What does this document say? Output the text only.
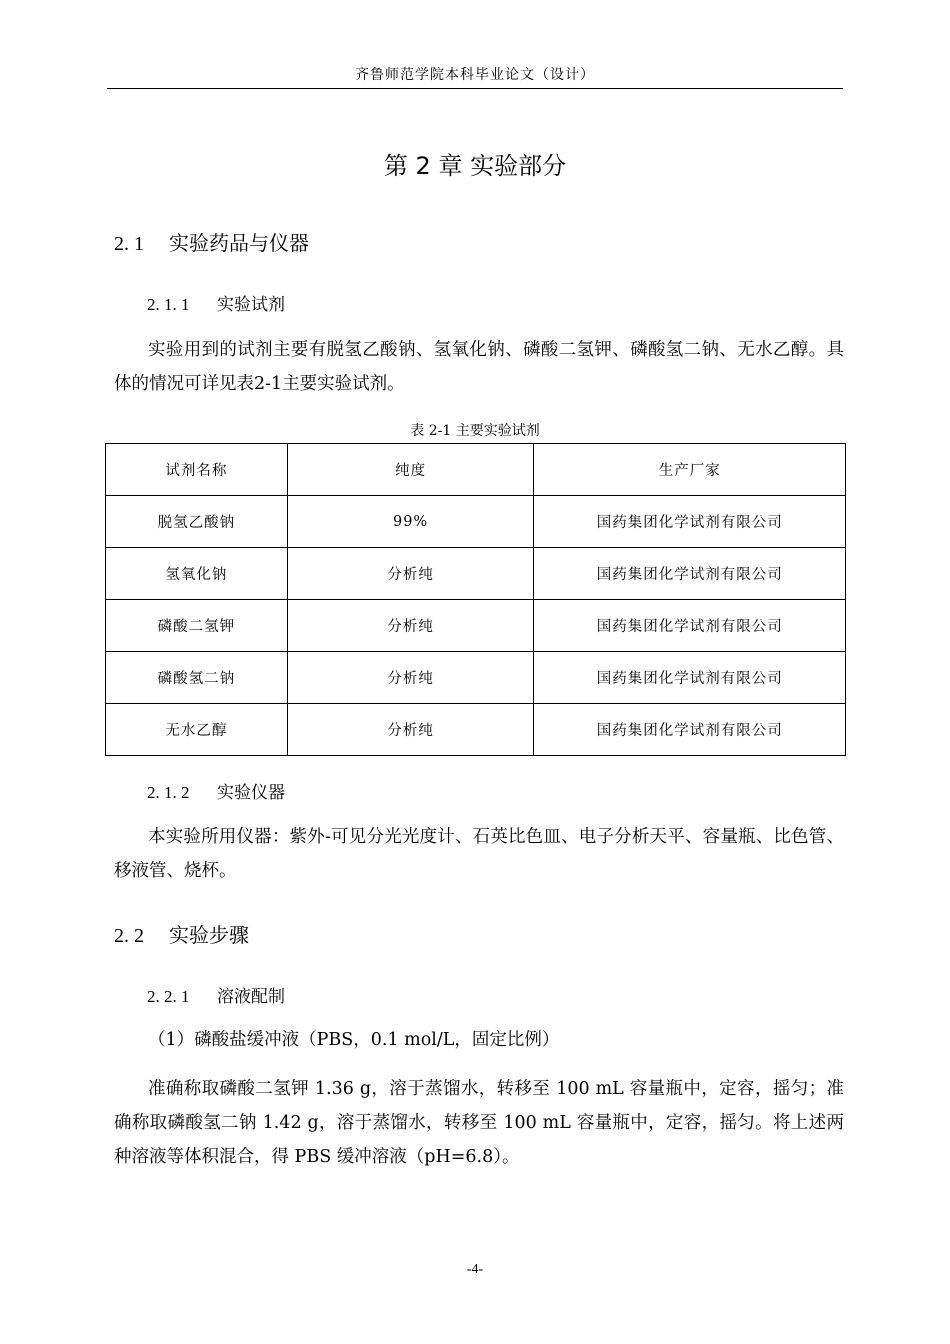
齐鲁师范学院本科毕业论文（设计）
第 2 章 实验部分
2. 1 实验药品与仪器
2. 1. 1 实验试剂
实验用到的试剂主要有脱氢乙酸钠、氢氧化钠、磷酸二氢钾、磷酸氢二钠、无水乙醇。具体的情况可详见表2-1主要实验试剂。
表 2-1 主要实验试剂
试剂名称	纯度	生产厂家
脱氢乙酸钠	99%	国药集团化学试剂有限公司
氢氧化钠	分析纯	国药集团化学试剂有限公司
磷酸二氢钾	分析纯	国药集团化学试剂有限公司
磷酸氢二钠	分析纯	国药集团化学试剂有限公司
无水乙醇	分析纯	国药集团化学试剂有限公司
2. 1. 2 实验仪器
本实验所用仪器：紫外-可见分光光度计、石英比色皿、电子分析天平、容量瓶、比色管、移液管、烧杯。
2. 2 实验步骤
2. 2. 1 溶液配制
（1）磷酸盐缓冲液（PBS，0.1 mol/L，固定比例）
准确称取磷酸二氢钾 1.36 g，溶于蒸馏水，转移至 100 mL 容量瓶中，定容，摇匀；准确称取磷酸氢二钠 1.42 g，溶于蒸馏水，转移至 100 mL 容量瓶中，定容，摇匀。将上述两种溶液等体积混合，得 PBS 缓冲溶液（pH=6.8）。
-4-
